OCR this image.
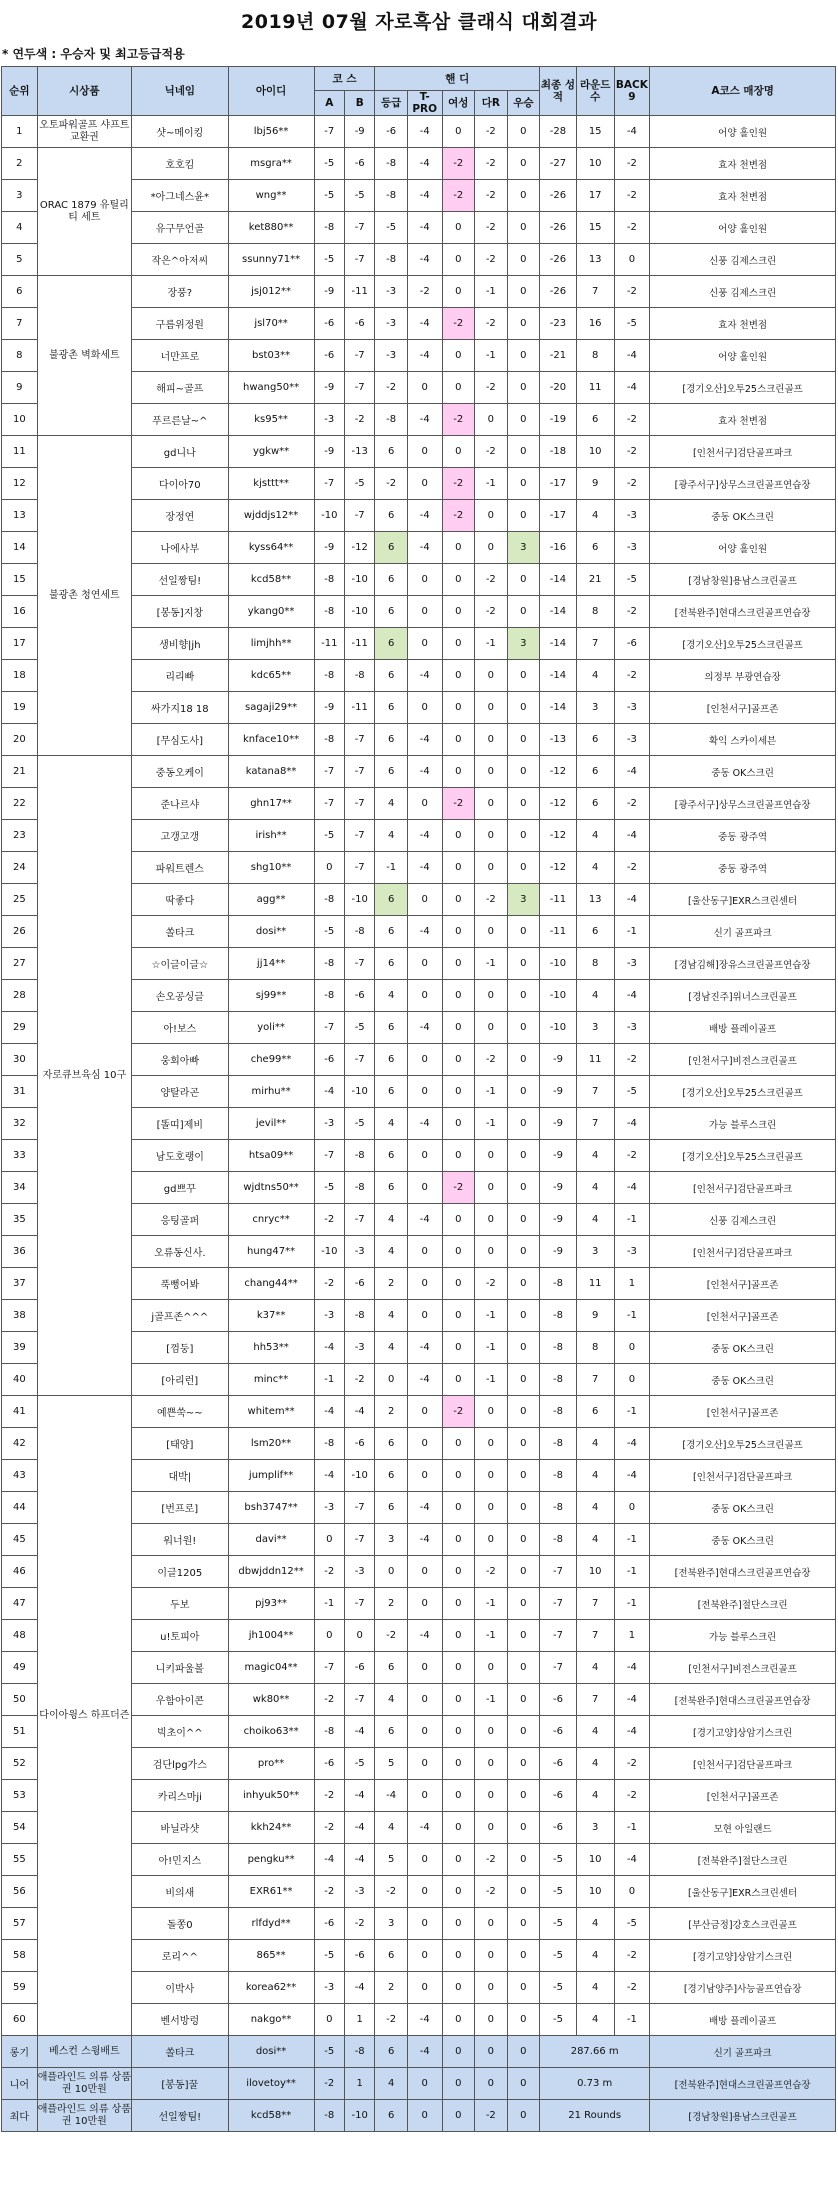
2019년 07월 자로흑삼 클래식 대회결과
* 연두색 : 우승자 및 최고등급적용
순위	시상품	닉네임	아이디	코 스		핸 디					최종 성적	라운드 수	BACK 9	A코스 매장명
				A	B	등급	T-PRO	여성	다R	우승				
1	오토파워골프 샤프트 교환권	샷~메이킹	lbj56**	-7	-9	-6	-4	0	-2	0	-28	15	-4	어양 홀인원
2	ORAC 1879 유틸리티 세트	호호킴	msgra**	-5	-6	-8	-4	-2	-2	0	-27	10	-2	효자 천변점
3		*아그네스윤*	wng**	-5	-5	-8	-4	-2	-2	0	-26	17	-2	효자 천변점
4		유구무언골	ket880**	-8	-7	-5	-4	0	-2	0	-26	15	-2	어양 홀인원
5		작은^아저씨	ssunny71**	-5	-7	-8	-4	0	-2	0	-26	13	0	신풍 김제스크린
6	불광촌 벽화세트	장풍?	jsj012**	-9	-11	-3	-2	0	-1	0	-26	7	-2	신풍 김제스크린
7		구름위정원	jsl70**	-6	-6	-3	-4	-2	-2	0	-23	16	-5	효자 천변점
8		너만프로	bst03**	-6	-7	-3	-4	0	-1	0	-21	8	-4	어양 홀인원
9		해피~골프	hwang50**	-9	-7	-2	0	0	-2	0	-20	11	-4	[경기오산]오투25스크린골프
10		푸르른날~^	ks95**	-3	-2	-8	-4	-2	0	0	-19	6	-2	효자 천변점
11	불광촌 청연세트	gd니나	ygkw**	-9	-13	6	0	0	-2	0	-18	10	-2	[인천서구]검단골프파크
12		다이아70	kjsttt**	-7	-5	-2	0	-2	-1	0	-17	9	-2	[광주서구]상무스크린골프연습장
13		장정연	wjddjs12**	-10	-7	6	-4	-2	0	0	-17	4	-3	중동 OK스크린
14		나에사부	kyss64**	-9	-12	6	-4	0	0	3	-16	6	-3	어양 홀인원
15		선일짱팀!	kcd58**	-8	-10	6	0	0	-2	0	-14	21	-5	[경남창원]용남스크린골프
16		[봉동]지창	ykang0**	-8	-10	6	0	0	-2	0	-14	8	-2	[전북완주]현대스크린골프연습장
17		생비향|jh	limjhh**	-11	-11	6	0	0	-1	3	-14	7	-6	[경기오산]오투25스크린골프
18		리리빠	kdc65**	-8	-8	6	-4	0	0	0	-14	4	-2	의정부 부광연습장
19		싸가지18 18	sagaji29**	-9	-11	6	0	0	0	0	-14	3	-3	[인천서구]골프존
20		[무심도사]	knface10**	-8	-7	6	-4	0	0	0	-13	6	-3	확익 스카이세븐
21	자로큐브육심 10구	중동오케이	katana8**	-7	-7	6	-4	0	0	0	-12	6	-4	중동 OK스크린
22		준나르샤	ghn17**	-7	-7	4	0	-2	0	0	-12	6	-2	[광주서구]상무스크린골프연습장
23		고갱고갱	irish**	-5	-7	4	-4	0	0	0	-12	4	-4	중동 광주역
24		파워트렌스	shg10**	0	-7	-1	-4	0	0	0	-12	4	-2	중동 광주역
25		딱좋다	agg**	-8	-10	6	0	0	-2	3	-11	13	-4	[울산동구]EXR스크린센터
26		쏠타크	dosi**	-5	-8	6	-4	0	0	0	-11	6	-1	신기 골프파크
27		☆이글이글☆	jj14**	-8	-7	6	0	0	-1	0	-10	8	-3	[경남김해]장유스크린골프연습장
28		손오공싱글	sj99**	-8	-6	4	0	0	0	0	-10	4	-4	[경남진주]위너스크린골프
29		아!보스	yoli**	-7	-5	6	-4	0	0	0	-10	3	-3	배방 플레이골프
30		웅회아빠	che99**	-6	-7	6	0	0	-2	0	-9	11	-2	[인천서구]비전스크린골프
31		양탈라곤	mirhu**	-4	-10	6	0	0	-1	0	-9	7	-5	[경기오산]오투25스크린골프
32		[똘띠]제비	jevil**	-3	-5	4	-4	0	-1	0	-9	7	-4	가능 블루스크린
33		남도호랭이	htsa09**	-7	-8	6	0	0	0	0	-9	4	-2	[경기오산]오투25스크린골프
34		gd쁘꾸	wjdtns50**	-5	-8	6	0	-2	0	0	-9	4	-4	[인천서구]검단골프파크
35		응팅골퍼	cnryc**	-2	-7	4	-4	0	0	0	-9	4	-1	신풍 김제스크린
36		오류동신사.	hung47**	-10	-3	4	0	0	0	0	-9	3	-3	[인천서구]검단골프파크
37		푹뻥어봐	chang44**	-2	-6	2	0	0	-2	0	-8	11	1	[인천서구]골프존
38		j골프존^^^	k37**	-3	-8	4	0	0	-1	0	-8	9	-1	[인천서구]골프존
39		[껌둥]	hh53**	-4	-3	4	-4	0	-1	0	-8	8	0	중동 OK스크린
40		[아리런]	minc**	-1	-2	0	-4	0	-1	0	-8	7	0	중동 OK스크린
41	다이아윙스 하프더즌	예쁜쑥~~	whitem**	-4	-4	2	0	-2	0	0	-8	6	-1	[인천서구]골프존
42		[태양]	lsm20**	-8	-6	6	0	0	0	0	-8	4	-4	[경기오산]오투25스크린골프
43		대박|	jumplif**	-4	-10	6	0	0	0	0	-8	4	-4	[인천서구]검단골프파크
44		[번프로]	bsh3747**	-3	-7	6	-4	0	0	0	-8	4	0	중동 OK스크린
45		워너원!	davi**	0	-7	3	-4	0	0	0	-8	4	-1	중동 OK스크린
46		이글1205	dbwjddn12**	-2	-3	0	0	0	-2	0	-7	10	-1	[전북완주]현대스크린골프연습장
47		두보	pj93**	-1	-7	2	0	0	-1	0	-7	7	-1	[전북완주]절단스크린
48		u!토피아	jh1004**	0	0	-2	-4	0	-1	0	-7	7	1	가능 블루스크린
49		니키파울볼	magic04**	-7	-6	6	0	0	0	0	-7	4	-4	[인천서구]비전스크린골프
50		우함아이콘	wk80**	-2	-7	4	0	0	-1	0	-6	7	-4	[전북완주]현대스크린골프연습장
51		빅초이^^	choiko63**	-8	-4	6	0	0	0	0	-6	4	-4	[경기고양]상암기스크린
52		검단lpg가스	pro**	-6	-5	5	0	0	0	0	-6	4	-2	[인천서구]검단골프파크
53		카리스마ji	inhyuk50**	-2	-4	-4	0	0	0	0	-6	4	-2	[인천서구]골프존
54		바닐라샷	kkh24**	-2	-4	4	-4	0	0	0	-6	3	-1	모현 아일랜드
55		아!민지스	pengku**	-4	-4	5	0	0	-2	0	-5	10	-4	[전북완주]절단스크린
56		비의새	EXR61**	-2	-3	-2	0	0	-2	0	-5	10	0	[울산동구]EXR스크린센터
57		돌쫑0	rlfdyd**	-6	-2	3	0	0	0	0	-5	4	-5	[부산금정]강호스크린골프
58		로리^^	865**	-5	-6	6	0	0	0	0	-5	4	-2	[경기고양]상암기스크린
59		이박사	korea62**	-3	-4	2	0	0	0	0	-5	4	-2	[경기남양주]사능골프연습장
60		벤서방렁	nakgo**	0	1	-2	-4	0	0	0	-5	4	-1	배방 플레이골프
롱기	베스컨 스윙배트	쏠타크	dosi**	-5	-8	6	-4	0	0	0	287.66 m			신기 골프파크
니어	애플라인드 의류 상품권 10만원	[봉동]꿀	ilovetoy**	-2	1	4	0	0	0	0	0.73 m			[전북완주]현대스크린골프연습장
최다	애플라인드 의류 상품권 10만원	선일짱팀!	kcd58**	-8	-10	6	0	0	-2	0	21 Rounds			[경남창원]용남스크린골프
